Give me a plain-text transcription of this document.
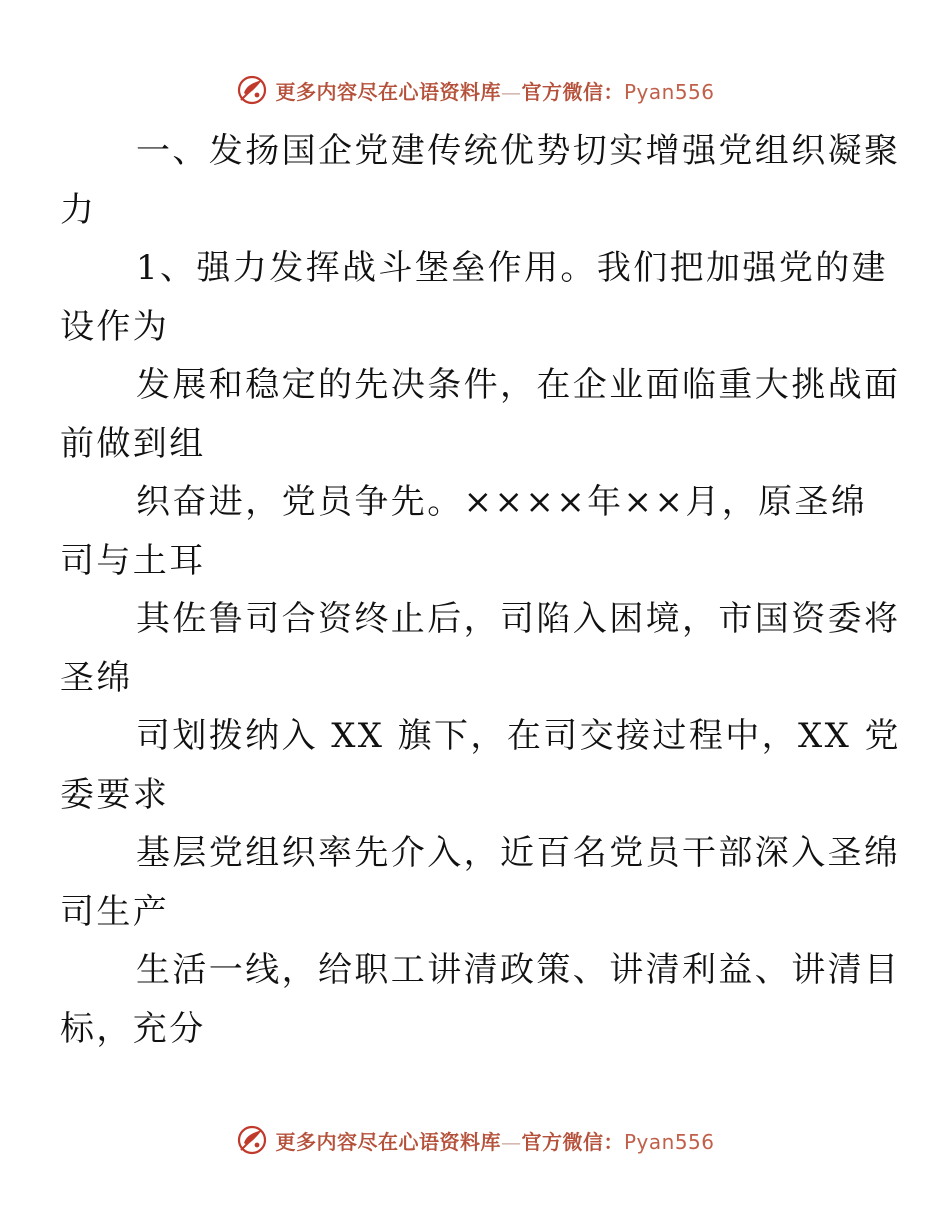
更多内容尽在心语资料库—官方微信：Pyan556

一、发扬国企党建传统优势切实增强党组织凝聚
力

1、强力发挥战斗堡垒作用。我们把加强党的建
设作为

发展和稳定的先决条件，在企业面临重大挑战面
前做到组

织奋进，党员争先。××××年××月，原圣绵
司与土耳

其佐鲁司合资终止后，司陷入困境，市国资委将
圣绵

司划拨纳入 XX 旗下，在司交接过程中，XX 党
委要求

基层党组织率先介入，近百名党员干部深入圣绵
司生产

生活一线，给职工讲清政策、讲清利益、讲清目
标，充分

更多内容尽在心语资料库—官方微信：Pyan556
